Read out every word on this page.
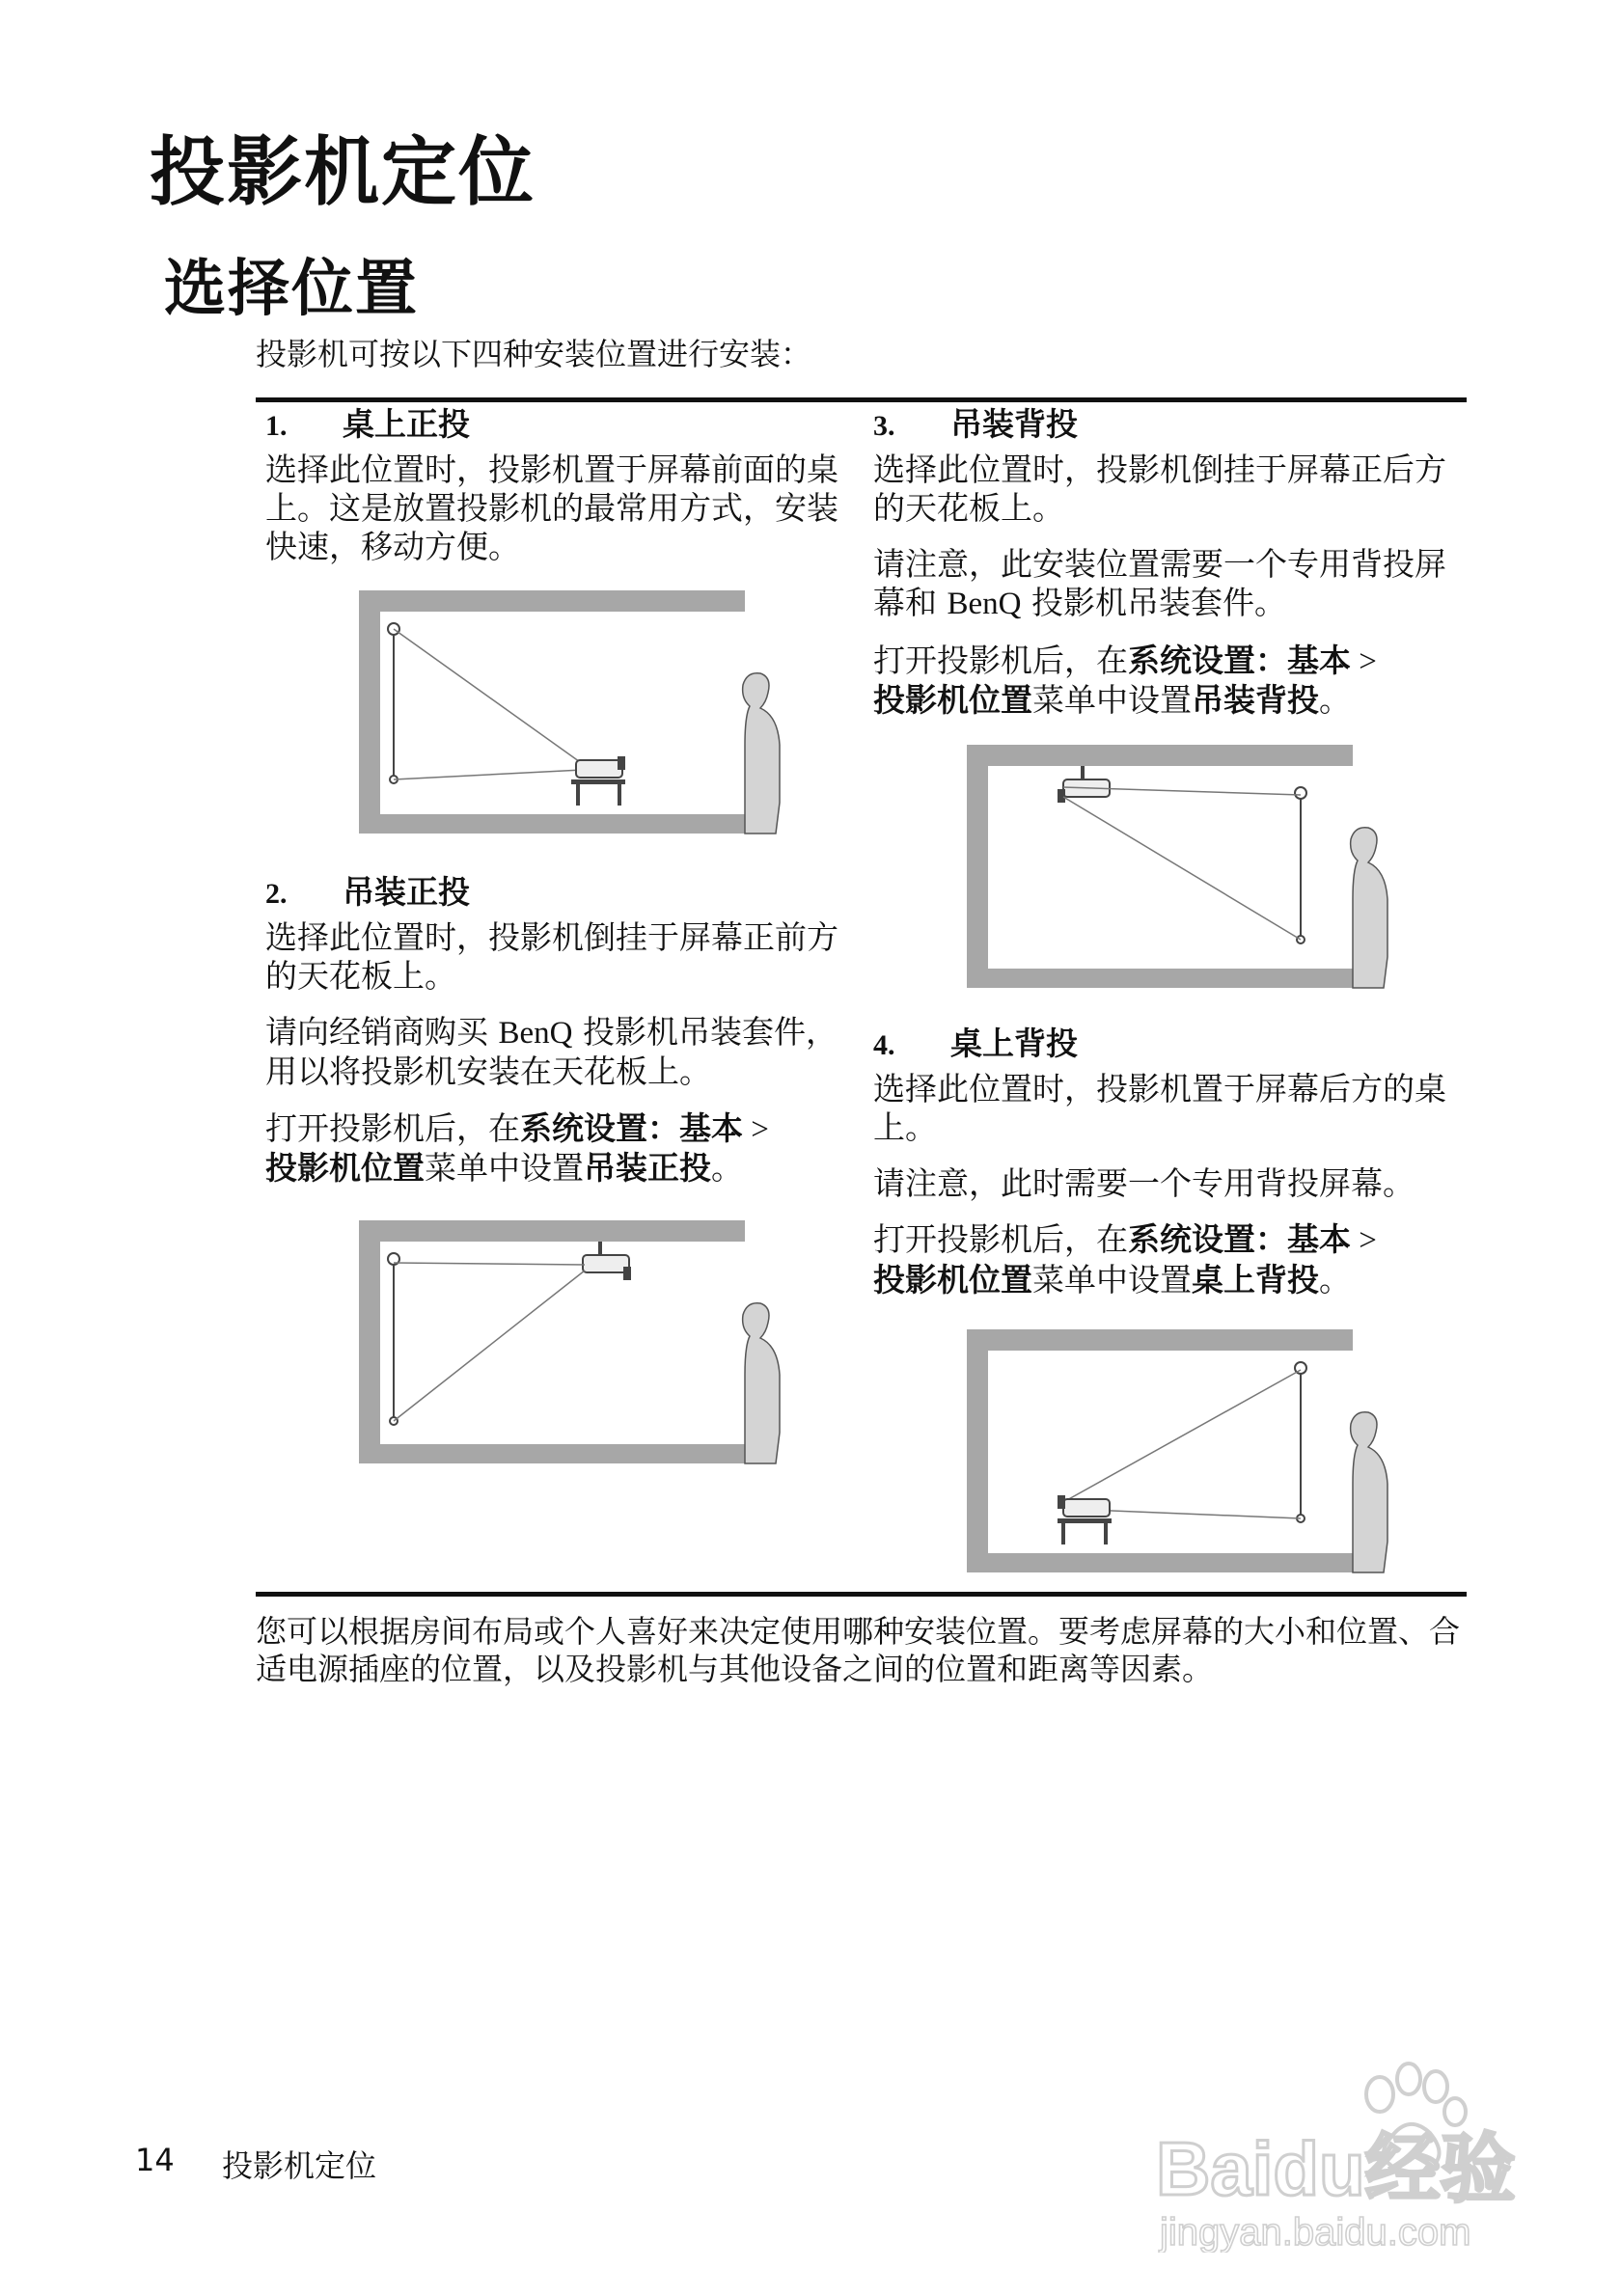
投影机定位
选择位置
投影机可按以下四种安装位置进行安装：

1. 桌上正投

选择此位置时，投影机置于屏幕前面的桌上。这是放置投影机的最常用方式，安装快速，移动方便。

2. 吊装正投

选择此位置时，投影机倒挂于屏幕正前方的天花板上。

请向经销商购买 BenQ 投影机吊装套件，用以将投影机安装在天花板上。

打开投影机后，在系统设置：基本 >
投影机位置菜单中设置吊装正投。

3. 吊装背投

选择此位置时，投影机倒挂于屏幕正后方的天花板上。

请注意，此安装位置需要一个专用背投屏幕和 BenQ 投影机吊装套件。

打开投影机后，在系统设置：基本 >
投影机位置菜单中设置吊装背投。

4. 桌上背投

选择此位置时，投影机置于屏幕后方的桌上。

请注意，此时需要一个专用背投屏幕。

打开投影机后，在系统设置：基本 >
投影机位置菜单中设置桌上背投。

您可以根据房间布局或个人喜好来决定使用哪种安装位置。要考虑屏幕的大小和位置、合适电源插座的位置，以及投影机与其他设备之间的位置和距离等因素。
14 投影机定位	Baidu经验
jingyan.baidu.com
